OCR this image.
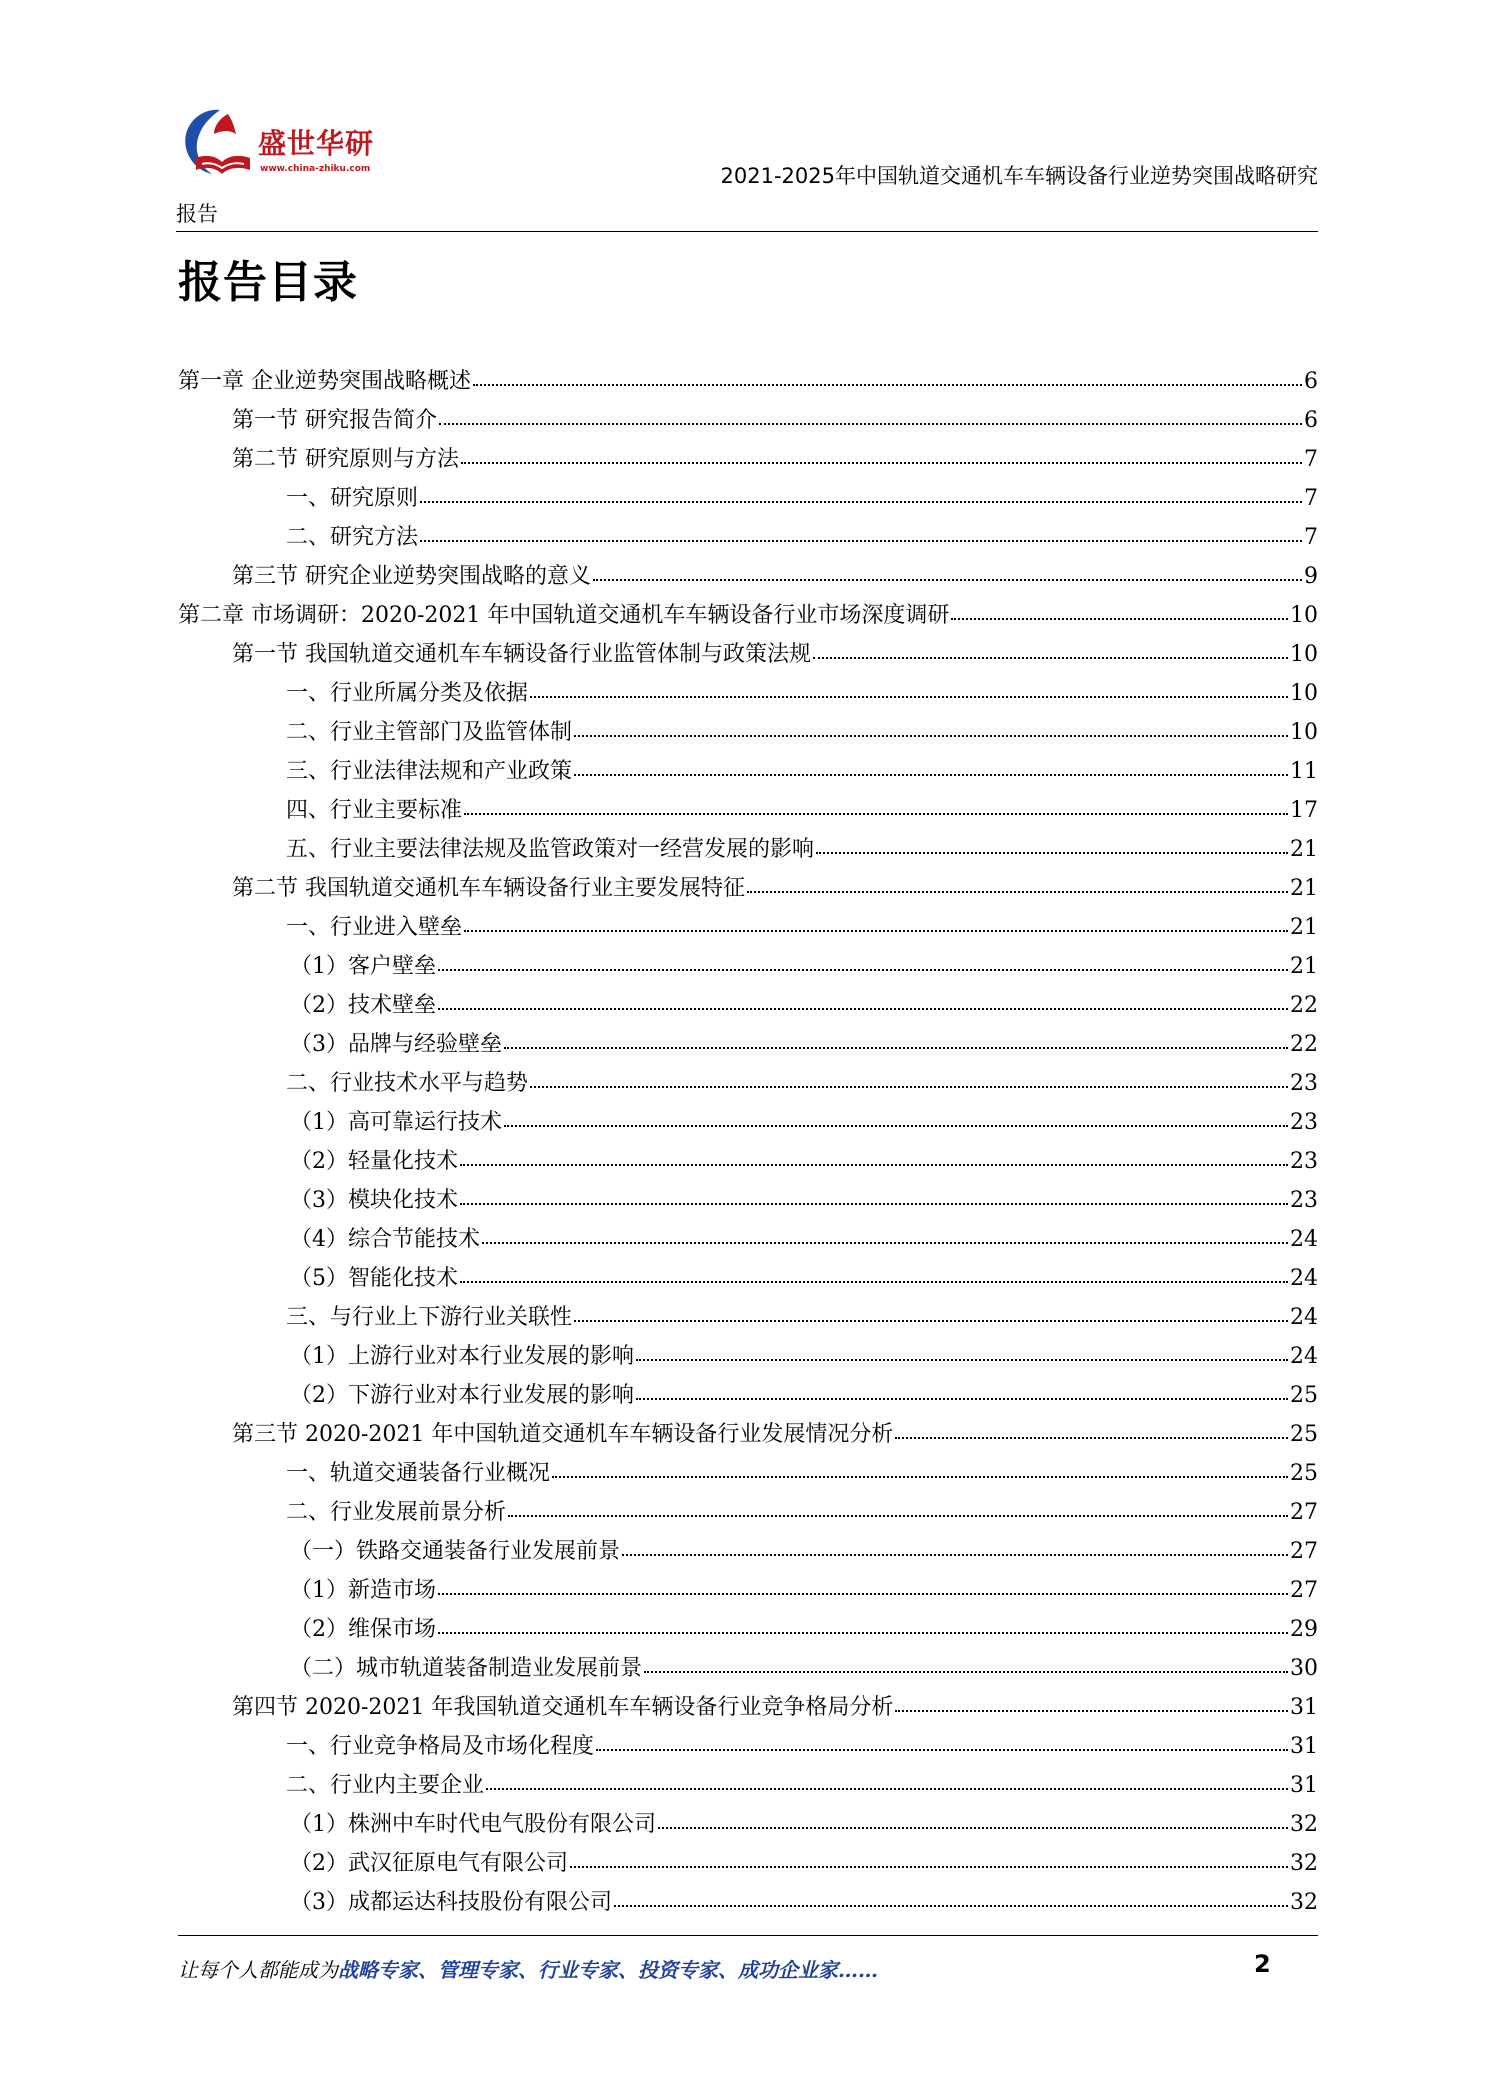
盛世华研
www.china-zhiku.com	2021-2025年中国轨道交通机车车辆设备行业逆势突围战略研究
报告
报告目录
第一章 企业逆势突围战略概述	6
第一节 研究报告简介	6
第二节 研究原则与方法	7
一、研究原则	7
二、研究方法	7
第三节 研究企业逆势突围战略的意义	9
第二章 市场调研：2020-2021 年中国轨道交通机车车辆设备行业市场深度调研	10
第一节 我国轨道交通机车车辆设备行业监管体制与政策法规	10
一、行业所属分类及依据	10
二、行业主管部门及监管体制	10
三、行业法律法规和产业政策	11
四、行业主要标准	17
五、行业主要法律法规及监管政策对一经营发展的影响	21
第二节 我国轨道交通机车车辆设备行业主要发展特征	21
一、行业进入壁垒	21
（1）客户壁垒	21
（2）技术壁垒	22
（3）品牌与经验壁垒	22
二、行业技术水平与趋势	23
（1）高可靠运行技术	23
（2）轻量化技术	23
（3）模块化技术	23
（4）综合节能技术	24
（5）智能化技术	24
三、与行业上下游行业关联性	24
（1）上游行业对本行业发展的影响	24
（2）下游行业对本行业发展的影响	25
第三节 2020-2021 年中国轨道交通机车车辆设备行业发展情况分析	25
一、轨道交通装备行业概况	25
二、行业发展前景分析	27
（一）铁路交通装备行业发展前景	27
（1）新造市场	27
（2）维保市场	29
（二）城市轨道装备制造业发展前景	30
第四节 2020-2021 年我国轨道交通机车车辆设备行业竞争格局分析	31
一、行业竞争格局及市场化程度	31
二、行业内主要企业	31
（1）株洲中车时代电气股份有限公司	32
（2）武汉征原电气有限公司	32
（3）成都运达科技股份有限公司	32
让每个人都能成为战略专家、管理专家、行业专家、投资专家、成功企业家……	2
